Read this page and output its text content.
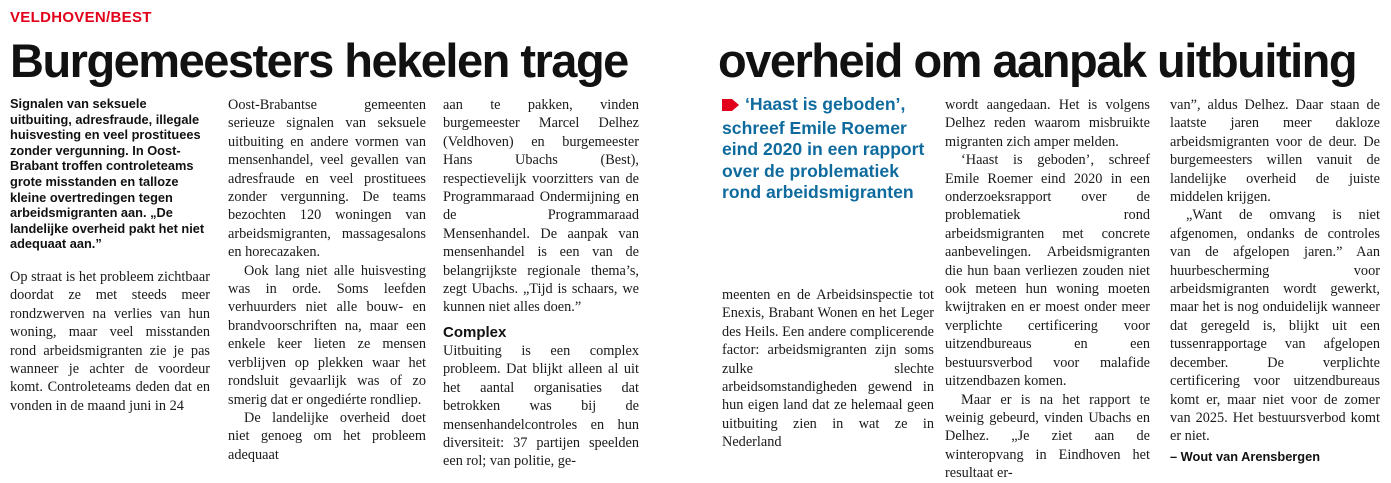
VELDHOVEN/BEST
Burgemeesters hekelen trage overheid om aanpak uitbuiting

Signalen van seksuele uitbuiting, adresfraude, illegale huisvesting en veel prostituees zonder vergunning. In Oost-Brabant troffen controleteams grote misstanden en talloze kleine overtredingen tegen arbeidsmigranten aan. „De landelijke overheid pakt het niet adequaat aan.”

Op straat is het probleem zichtbaar doordat ze met steeds meer rondzwerven na verlies van hun woning, maar veel misstanden rond arbeidsmigranten zie je pas wanneer je achter de voordeur komt. Controleteams deden dat en vonden in de maand juni in 24

Oost-Brabantse gemeenten serieuze signalen van seksuele uitbuiting en andere vormen van mensenhandel, veel gevallen van adresfraude en veel prostituees zonder vergunning. De teams bezochten 120 woningen van arbeidsmigranten, massagesalons en horecazaken.

Ook lang niet alle huisvesting was in orde. Soms leefden verhuurders niet alle bouw- en brandvoorschriften na, maar een enkele keer lieten ze mensen verblijven op plekken waar het rondsluit gevaarlijk was of zo smerig dat er ongediérte rondliep.

De landelijke overheid doet niet genoeg om het probleem adequaat

aan te pakken, vinden burgemeester Marcel Delhez (Veldhoven) en burgemeester Hans Ubachs (Best), respectievelijk voorzitters van de Programmaraad Ondermijning en de Programmaraad Mensenhandel. De aanpak van mensenhandel is een van de belangrijkste regionale thema’s, zegt Ubachs. „Tijd is schaars, we kunnen niet alles doen.”

Complex

Uitbuiting is een complex probleem. Dat blijkt alleen al uit het aantal organisaties dat betrokken was bij de mensenhandelcontroles en hun diversiteit: 37 partijen speelden een rol; van politie, ge-

‘Haast is geboden’, schreef Emile Roemer eind 2020 in een rapport over de problematiek rond arbeidsmigranten

meenten en de Arbeidsinspectie tot Enexis, Brabant Wonen en het Leger des Heils. Een andere complicerende factor: arbeidsmigranten zijn soms zulke slechte arbeidsomstandigheden gewend in hun eigen land dat ze helemaal geen uitbuiting zien in wat ze in Nederland

wordt aangedaan. Het is volgens Delhez reden waarom misbruikte migranten zich amper melden.

‘Haast is geboden’, schreef Emile Roemer eind 2020 in een onderzoeksrapport over de problematiek rond arbeidsmigranten met concrete aanbevelingen. Arbeidsmigranten die hun baan verliezen zouden niet ook meteen hun woning moeten kwijtraken en er moest onder meer verplichte certificering voor uitzendbureaus en een bestuursverbod voor malafide uitzendbazen komen.

Maar er is na het rapport te weinig gebeurd, vinden Ubachs en Delhez. „Je ziet aan de winteropvang in Eindhoven het resultaat er-

van”, aldus Delhez. Daar staan de laatste jaren meer dakloze arbeidsmigranten voor de deur. De burgemeesters willen vanuit de landelijke overheid de juiste middelen krijgen.

„Want de omvang is niet afgenomen, ondanks de controles van de afgelopen jaren.” Aan huurbescherming voor arbeidsmigranten wordt gewerkt, maar het is nog onduidelijk wanneer dat geregeld is, blijkt uit een tussenrapportage van afgelopen december. De verplichte certificering voor uitzendbureaus komt er, maar niet voor de zomer van 2025. Het bestuursverbod komt er niet.

– Wout van Arensbergen
